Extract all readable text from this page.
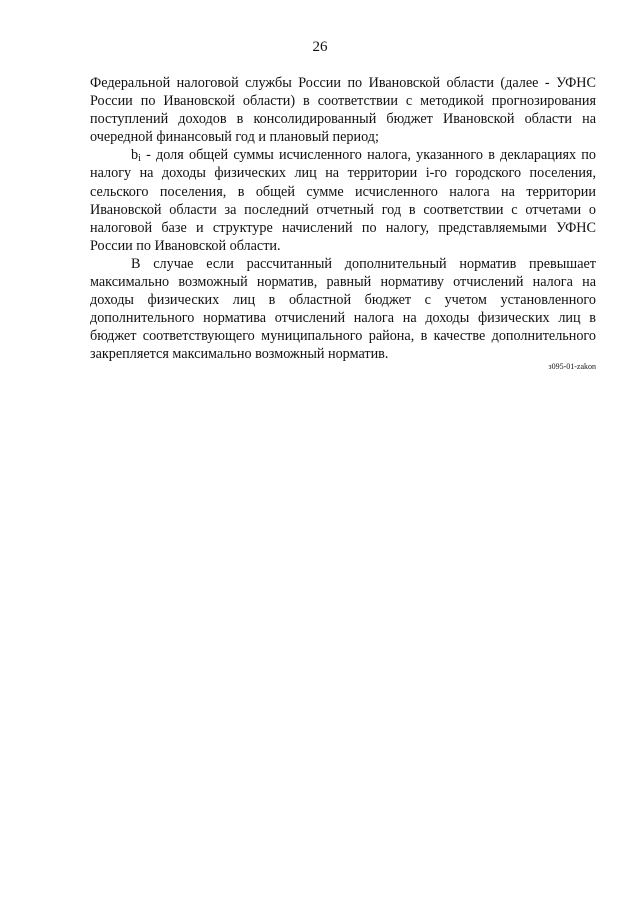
26

Федеральной налоговой службы России по Ивановской области (далее - УФНС России по Ивановской области) в соответствии с методикой прогнозирования поступлений доходов в консолидированный бюджет Ивановской области на очередной финансовый год и плановый период;

bi - доля общей суммы исчисленного налога, указанного в декларациях по налогу на доходы физических лиц на территории i-го городского поселения, сельского поселения, в общей сумме исчисленного налога на территории Ивановской области за последний отчетный год в соответствии с отчетами о налоговой базе и структуре начислений по налогу, представляемыми УФНС России по Ивановской области.

В случае если рассчитанный дополнительный норматив превышает максимально возможный норматив, равный нормативу отчислений налога на доходы физических лиц в областной бюджет с учетом установленного дополнительного норматива отчислений налога на доходы физических лиц в бюджет соответствующего муниципального района, в качестве дополнительного закрепляется максимально возможный норматив.

з095-01-zakon
